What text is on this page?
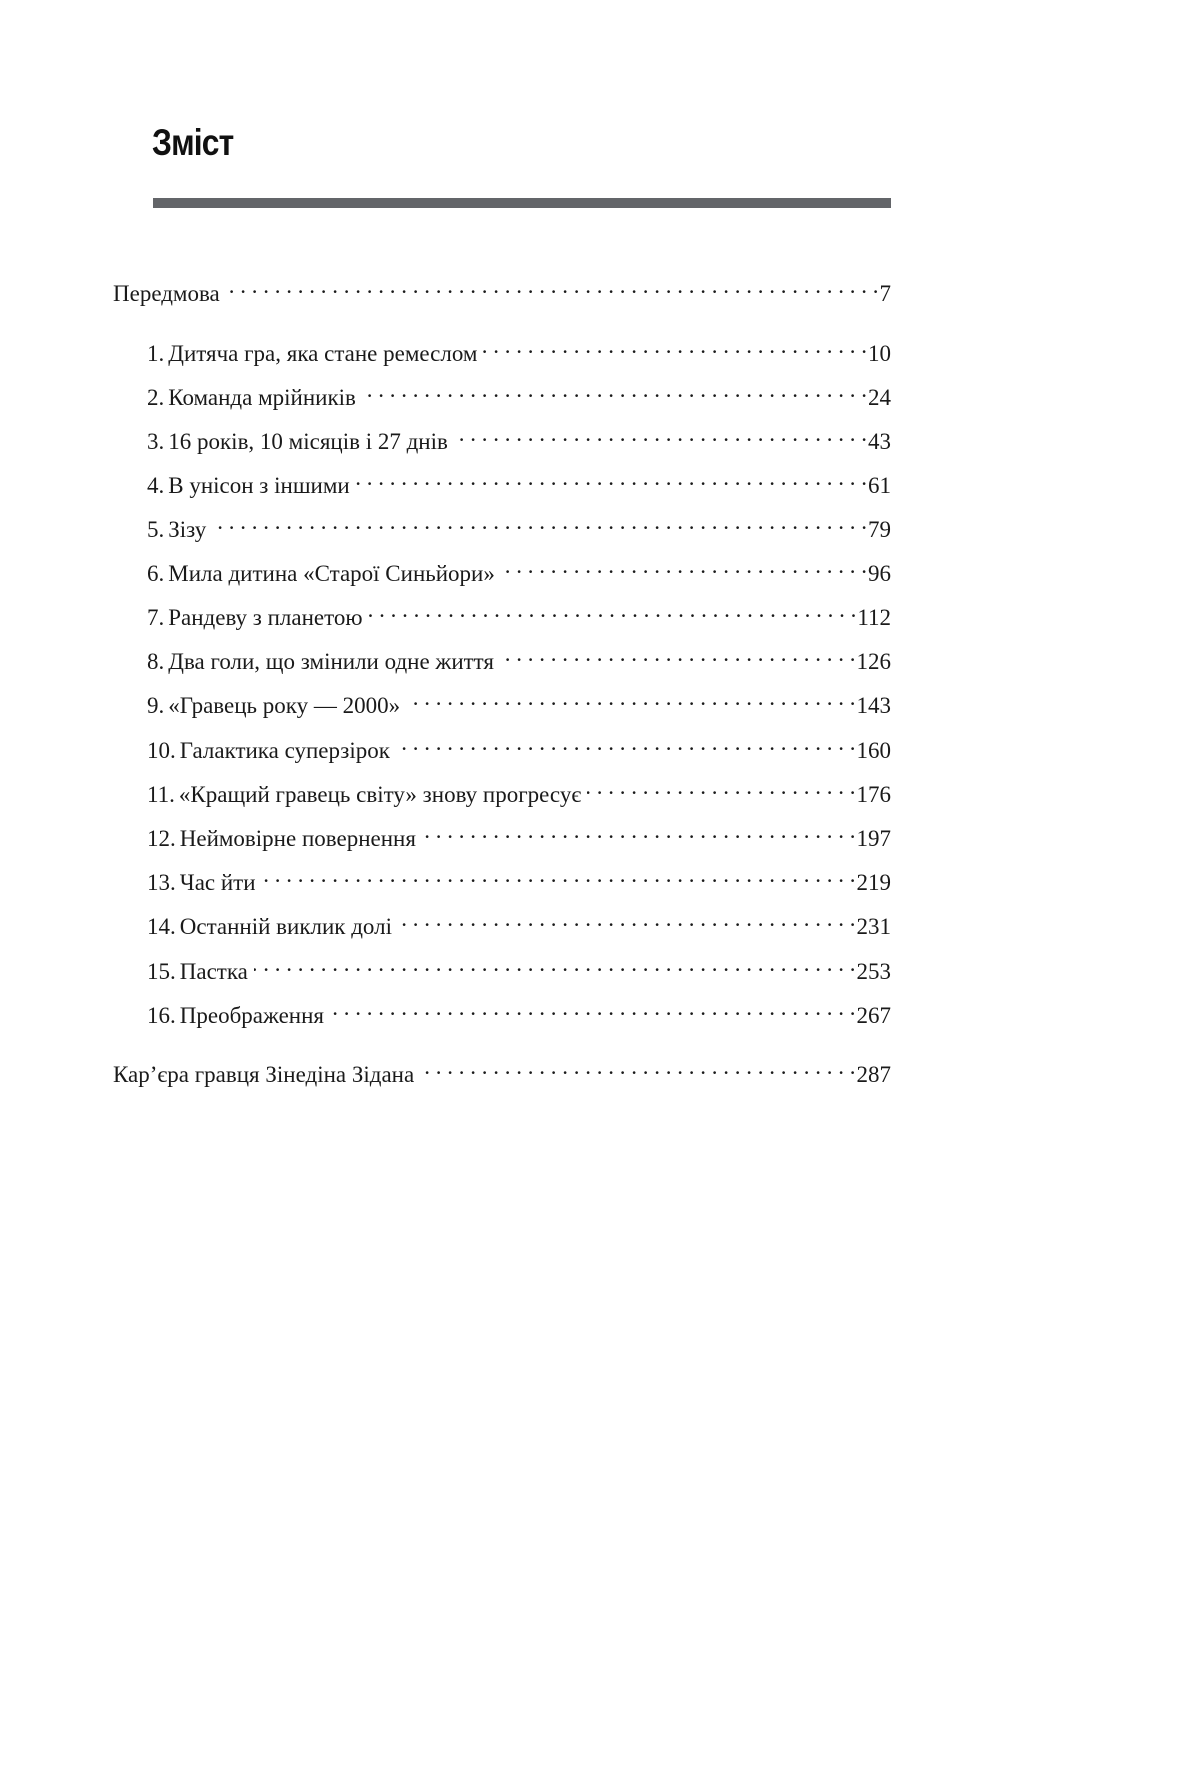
Зміст
Передмова . . .	7
1. Дитяча гра, яка стане ремеслом . . .	10
2. Команда мрійників . . .	24
3. 16 років, 10 місяців і 27 днів . . .	43
4. В унісон з іншими . . .	61
5. Зізу . . .	79
6. Мила дитина «Старої Синьйори» . . .	96
7. Рандеву з планетою . . .	112
8. Два голи, що змінили одне життя . . .	126
9. «Гравець року — 2000» . . .	143
10. Галактика суперзірок . . .	160
11. «Кращий гравець світу» знову прогресує . . .	176
12. Неймовірне повернення . . .	197
13. Час йти . . .	219
14. Останній виклик долі . . .	231
15. Пастка . . .	253
16. Преображення . . .	267
Кар’єра гравця Зінедіна Зідана . . .	287
